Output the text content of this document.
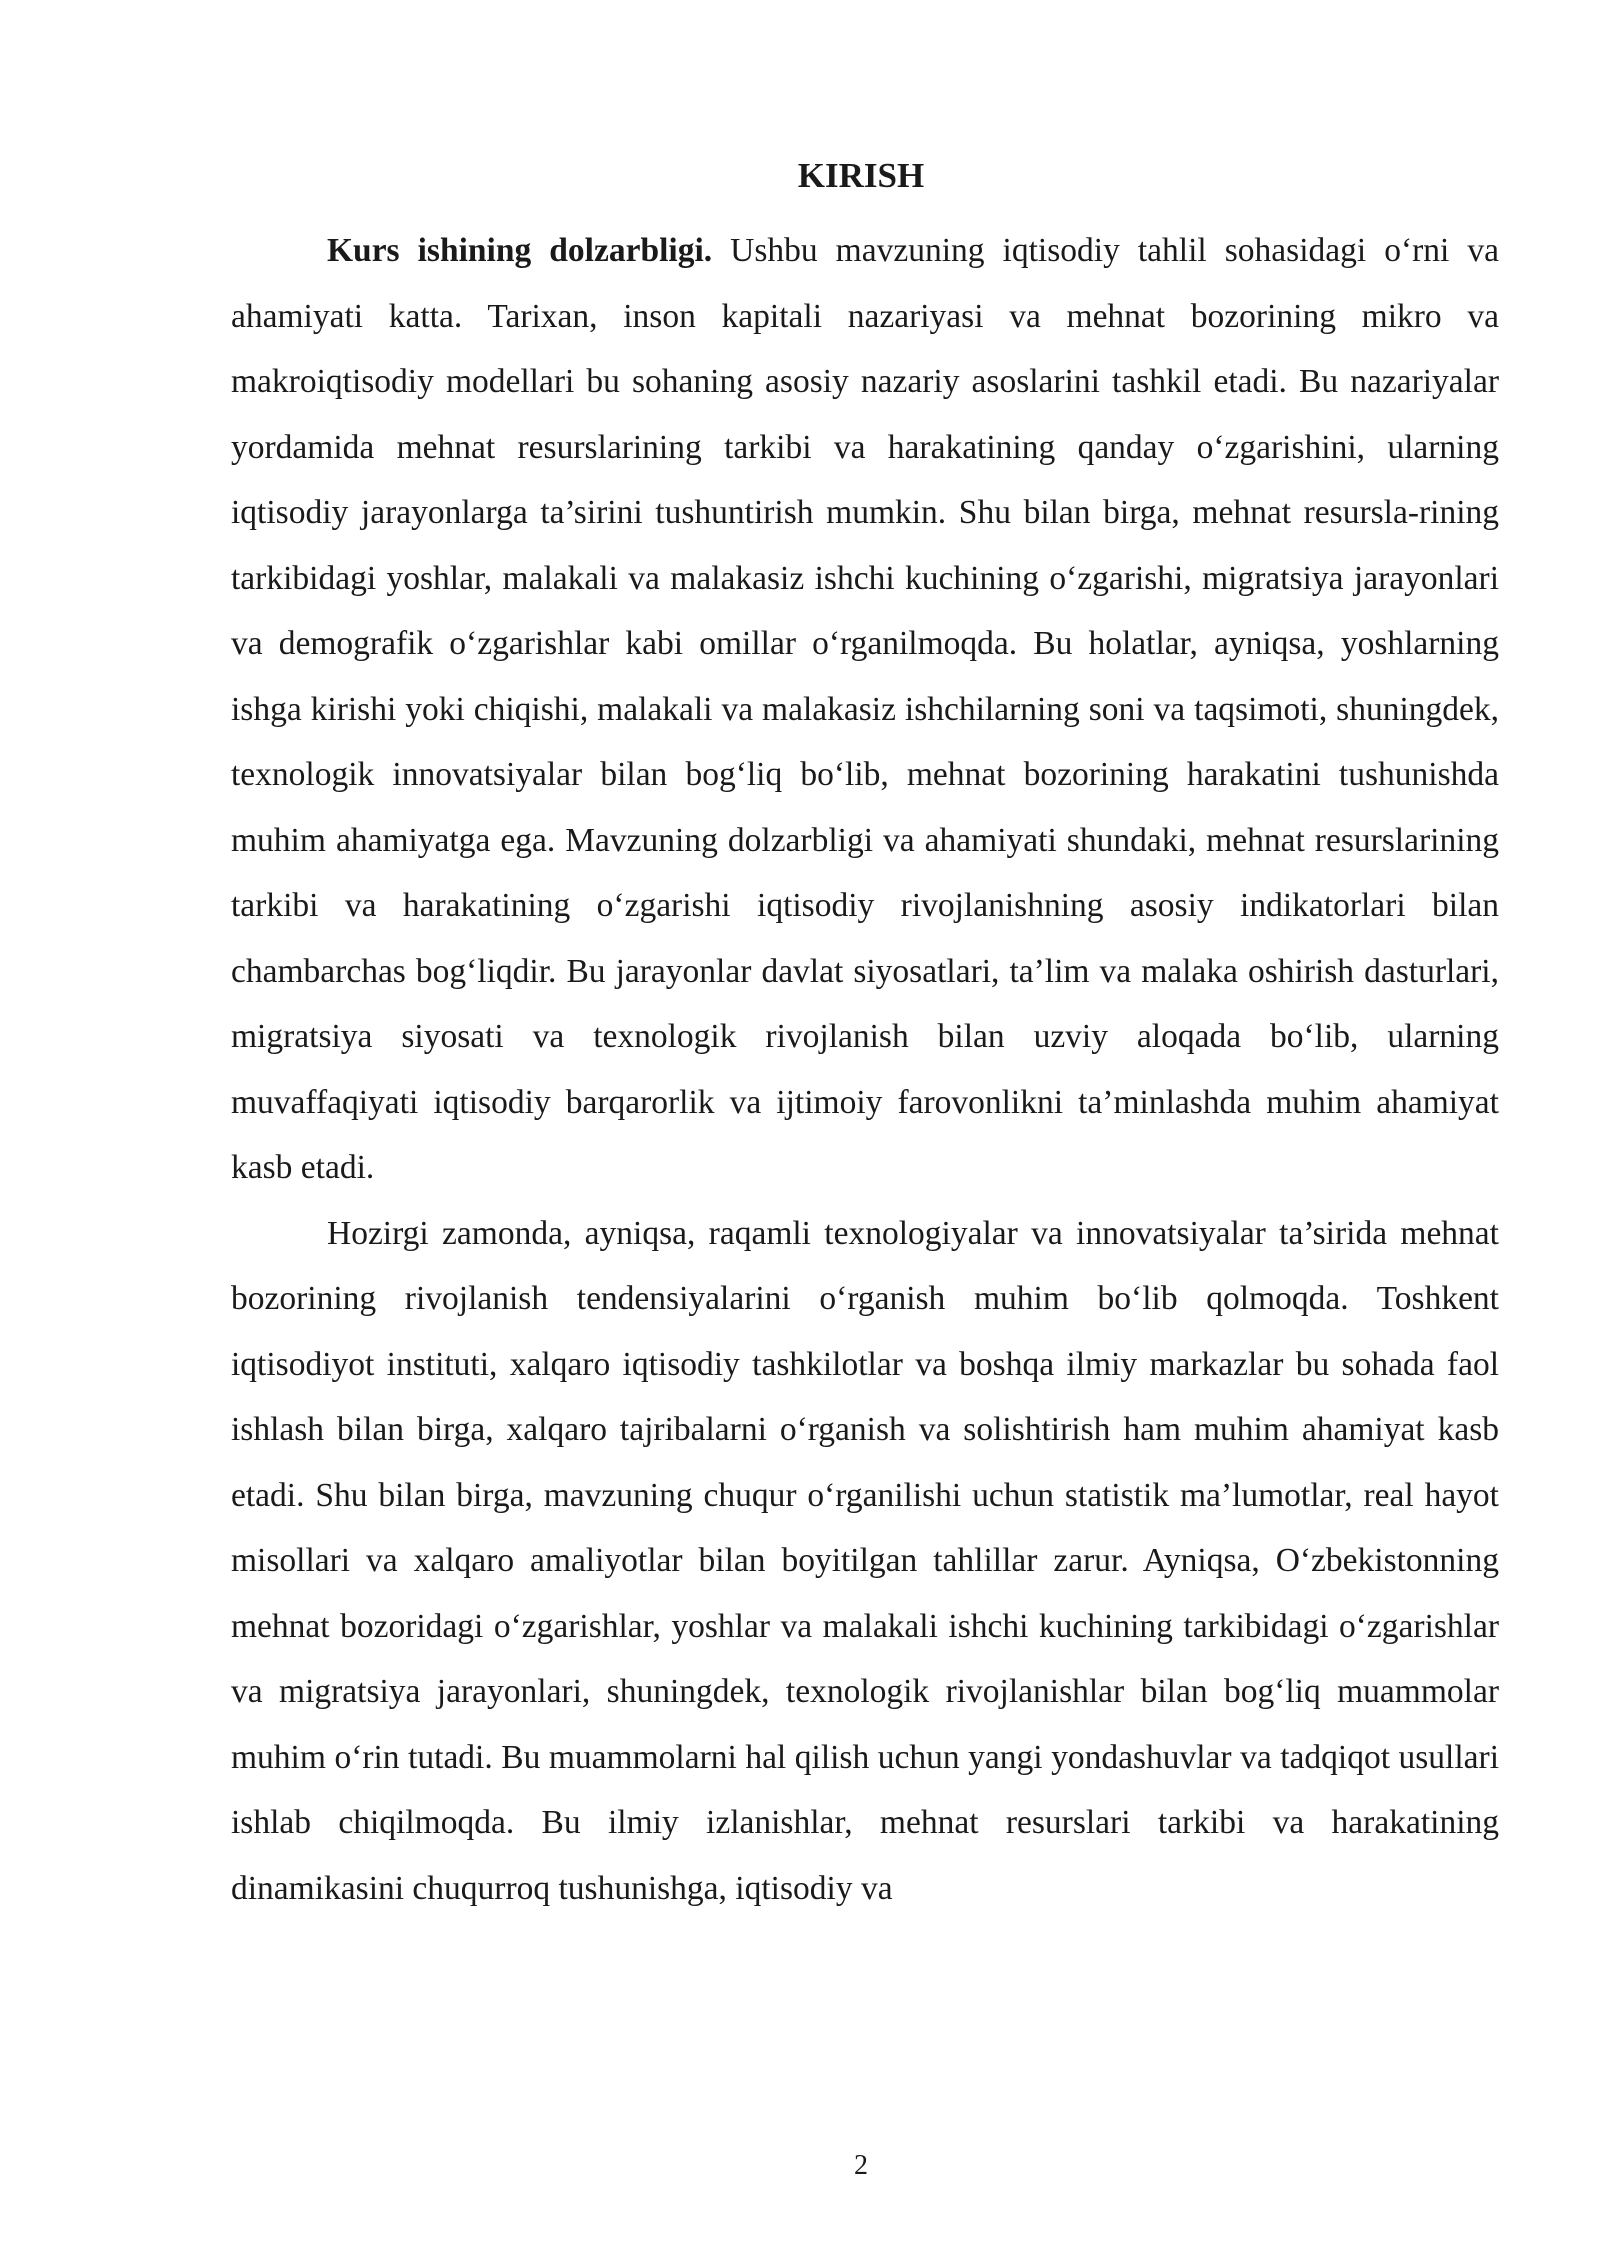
KIRISH

Kurs ishining dolzarbligi. Ushbu mavzuning iqtisodiy tahlil sohasidagi o‘rni va ahamiyati katta. Tarixan, inson kapitali nazariyasi va mehnat bozorining mikro va makroiqtisodiy modellari bu sohaning asosiy nazariy asoslarini tashkil etadi. Bu nazariyalar yordamida mehnat resurslarining tarkibi va harakatining qanday o‘zgarishini, ularning iqtisodiy jarayonlarga ta’sirini tushuntirish mumkin. Shu bilan birga, mehnat resursla-rining tarkibidagi yoshlar, malakali va malakasiz ishchi kuchining o‘zgarishi, migratsiya jarayonlari va demografik o‘zgarishlar kabi omillar o‘rganilmoqda. Bu holatlar, ayniqsa, yoshlarning ishga kirishi yoki chiqishi, malakali va malakasiz ishchilarning soni va taqsimoti, shuningdek, texnologik innovatsiyalar bilan bog‘liq bo‘lib, mehnat bozorining harakatini tushunishda muhim ahamiyatga ega. Mavzuning dolzarbligi va ahamiyati shundaki, mehnat resurslarining tarkibi va harakatining o‘zgarishi iqtisodiy rivojlanishning asosiy indikatorlari bilan chambarchas bog‘liqdir. Bu jarayonlar davlat siyosatlari, ta’lim va malaka oshirish dasturlari, migratsiya siyosati va texnologik rivojlanish bilan uzviy aloqada bo‘lib, ularning muvaffaqiyati iqtisodiy barqarorlik va ijtimoiy farovonlikni ta’minlashda muhim ahamiyat kasb etadi.

Hozirgi zamonda, ayniqsa, raqamli texnologiyalar va innovatsiyalar ta’sirida mehnat bozorining rivojlanish tendensiyalarini o‘rganish muhim bo‘lib qolmoqda. Toshkent iqtisodiyot instituti, xalqaro iqtisodiy tashkilotlar va boshqa ilmiy markazlar bu sohada faol ishlash bilan birga, xalqaro tajribalarni o‘rganish va solishtirish ham muhim ahamiyat kasb etadi. Shu bilan birga, mavzuning chuqur o‘rganilishi uchun statistik ma’lumotlar, real hayot misollari va xalqaro amaliyotlar bilan boyitilgan tahlillar zarur. Ayniqsa, O‘zbekistonning mehnat bozoridagi o‘zgarishlar, yoshlar va malakali ishchi kuchining tarkibidagi o‘zgarishlar va migratsiya jarayonlari, shuningdek, texnologik rivojlanishlar bilan bog‘liq muammolar muhim o‘rin tutadi. Bu muammolarni hal qilish uchun yangi yondashuvlar va tadqiqot usullari ishlab chiqilmoqda. Bu ilmiy izlanishlar, mehnat resurslari tarkibi va harakatining dinamikasini chuqurroq tushunishga, iqtisodiy va

2
